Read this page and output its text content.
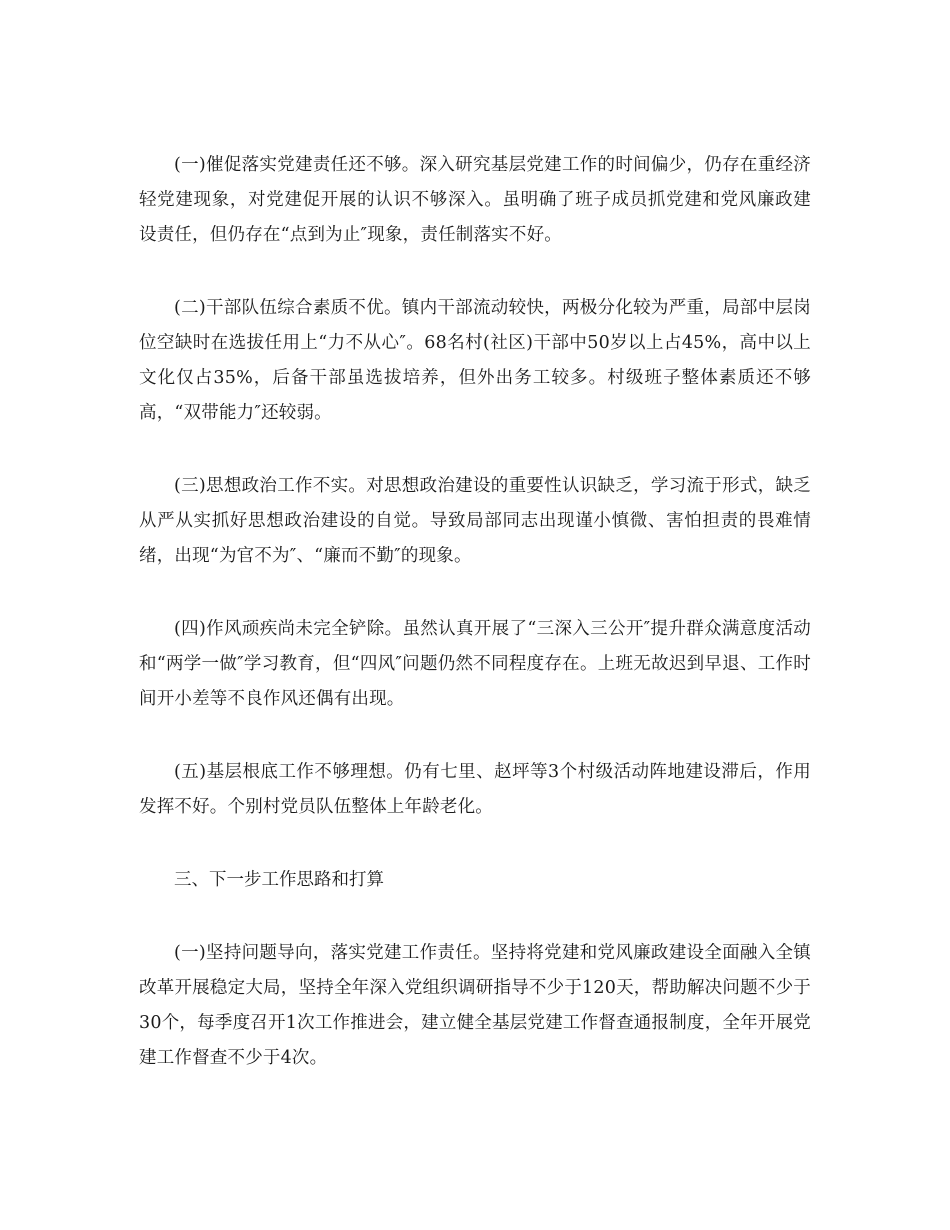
(一)催促落实党建责任还不够。深入研究基层党建工作的时间偏少，仍存在重经济轻党建现象，对党建促开展的认识不够深入。虽明确了班子成员抓党建和党风廉政建设责任，但仍存在“点到为止″现象，责任制落实不好。

(二)干部队伍综合素质不优。镇内干部流动较快，两极分化较为严重，局部中层岗位空缺时在选拔任用上“力不从心″。68名村(社区)干部中50岁以上占45%，高中以上文化仅占35%，后备干部虽选拔培养，但外出务工较多。村级班子整体素质还不够高，“双带能力″还较弱。

(三)思想政治工作不实。对思想政治建设的重要性认识缺乏，学习流于形式，缺乏从严从实抓好思想政治建设的自觉。导致局部同志出现谨小慎微、害怕担责的畏难情绪，出现“为官不为″、“廉而不勤″的现象。

(四)作风顽疾尚未完全铲除。虽然认真开展了“三深入三公开″提升群众满意度活动和“两学一做″学习教育，但“四风″问题仍然不同程度存在。上班无故迟到早退、工作时间开小差等不良作风还偶有出现。

(五)基层根底工作不够理想。仍有七里、赵坪等3个村级活动阵地建设滞后，作用发挥不好。个别村党员队伍整体上年龄老化。

三、下一步工作思路和打算

(一)坚持问题导向，落实党建工作责任。坚持将党建和党风廉政建设全面融入全镇改革开展稳定大局，坚持全年深入党组织调研指导不少于120天，帮助解决问题不少于30个，每季度召开1次工作推进会，建立健全基层党建工作督查通报制度，全年开展党建工作督查不少于4次。
